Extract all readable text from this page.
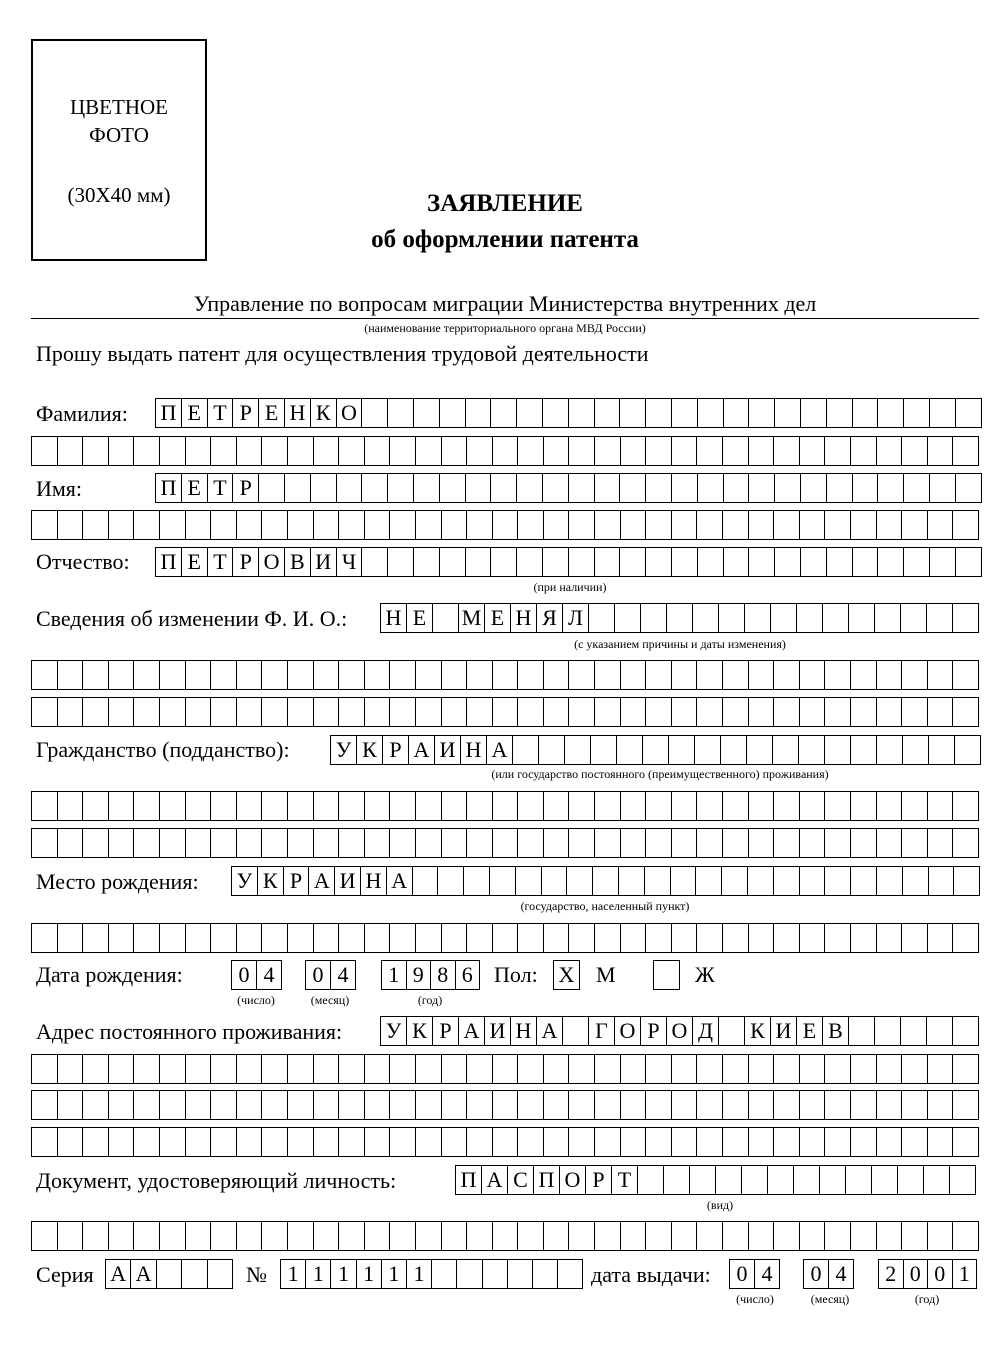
ЦВЕТНОЕ
ФОТО
(30Х40 мм)	ЗАЯВЛЕНИЕ
об оформлении патента
Управление по вопросам миграции Министерства внутренних дел
(наименование территориального органа МВД России)
Прошу выдать патент для осуществления трудовой деятельности
Фамилия: П Е Т Р Е Н К О
Имя:	П Е Т Р
Отчество: П Е Т Р О В И Ч
(при наличии)
Сведения об изменении Ф. И. О.: Н Е	М Е Н Я Л
(с указанием причины и даты изменения)
Гражданство (подданство): У К Р А И Н А
(или государство постоянного (преимущественного) проживания)
Место рождения: У К Р А И Н А
(государство, населенный пункт)
Дата рождения:	0 4	0 4	1 9 8 6
(число)	(месяц)	(год)
Пол: Х М	Ж
Адрес постоянного проживания: У К Р А И Н А Г О Р О Д К И Е В
Документ, удостоверяющий личность:	П А С П О Р Т
(вид)
Серия А А	№ 1 1 1 1 1 1	дата выдачи: 0 4	0 4	2 0 0 1
(число)	(месяц)	(год)
